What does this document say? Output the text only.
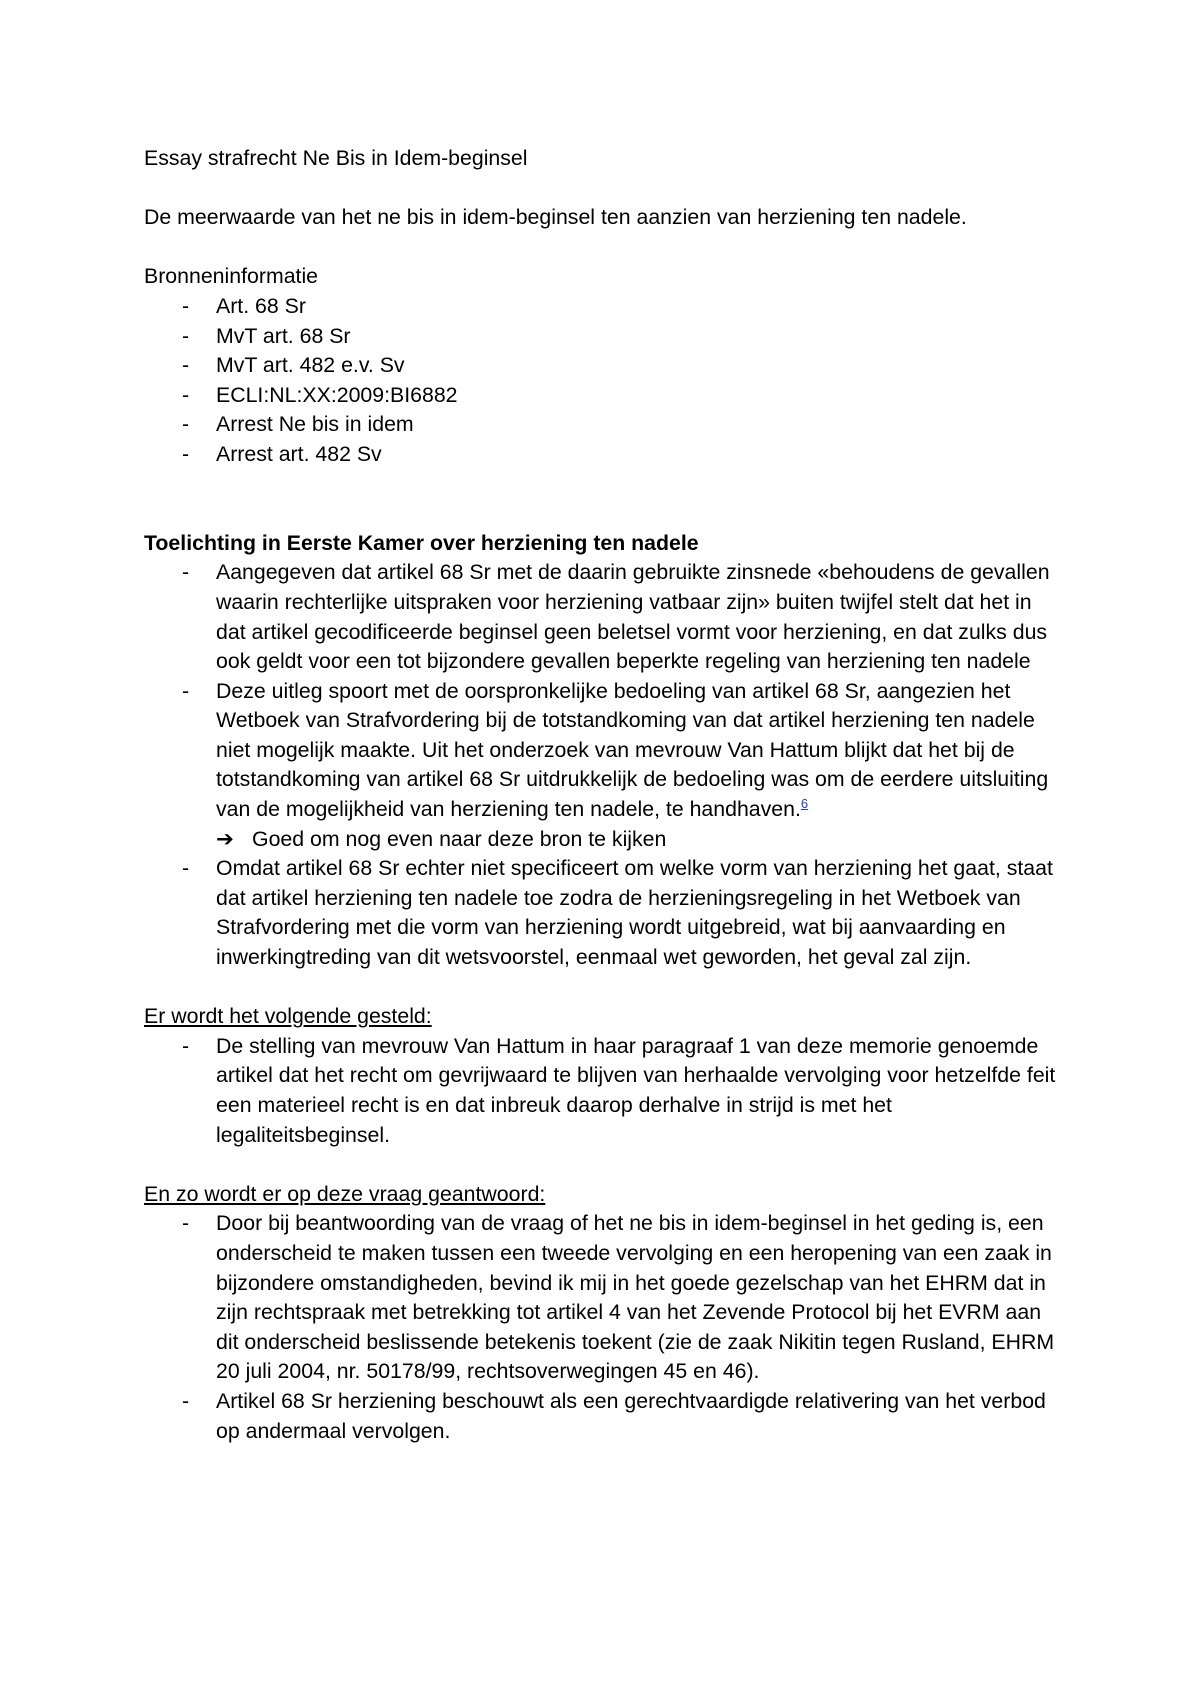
Essay strafrecht Ne Bis in Idem-beginsel

De meerwaarde van het ne bis in idem-beginsel ten aanzien van herziening ten nadele.

Bronneninformatie

- Art. 68 Sr
- MvT art. 68 Sr
- MvT art. 482 e.v. Sv
- ECLI:NL:XX:2009:BI6882
- Arrest Ne bis in idem
- Arrest art. 482 Sv

Toelichting in Eerste Kamer over herziening ten nadele

- Aangegeven dat artikel 68 Sr met de daarin gebruikte zinsnede «behoudens de gevallen waarin rechterlijke uitspraken voor herziening vatbaar zijn» buiten twijfel stelt dat het in dat artikel gecodificeerde beginsel geen beletsel vormt voor herziening, en dat zulks dus ook geldt voor een tot bijzondere gevallen beperkte regeling van herziening ten nadele
- Deze uitleg spoort met de oorspronkelijke bedoeling van artikel 68 Sr, aangezien het Wetboek van Strafvordering bij de totstandkoming van dat artikel herziening ten nadele niet mogelijk maakte. Uit het onderzoek van mevrouw Van Hattum blijkt dat het bij de totstandkoming van artikel 68 Sr uitdrukkelijk de bedoeling was om de eerdere uitsluiting van de mogelijkheid van herziening ten nadele, te handhaven.$^6$
➔ Goed om nog even naar deze bron te kijken
- Omdat artikel 68 Sr echter niet specificeert om welke vorm van herziening het gaat, staat dat artikel herziening ten nadele toe zodra de herzieningsregeling in het Wetboek van Strafvordering met die vorm van herziening wordt uitgebreid, wat bij aanvaarding en inwerkingtreding van dit wetsvoorstel, eenmaal wet geworden, het geval zal zijn.

Er wordt het volgende gesteld:

- De stelling van mevrouw Van Hattum in haar paragraaf 1 van deze memorie genoemde artikel dat het recht om gevrijwaard te blijven van herhaalde vervolging voor hetzelfde feit een materieel recht is en dat inbreuk daarop derhalve in strijd is met het legaliteitsbeginsel.

En zo wordt er op deze vraag geantwoord:

- Door bij beantwoording van de vraag of het ne bis in idem-beginsel in het geding is, een onderscheid te maken tussen een tweede vervolging en een heropening van een zaak in bijzondere omstandigheden, bevind ik mij in het goede gezelschap van het EHRM dat in zijn rechtspraak met betrekking tot artikel 4 van het Zevende Protocol bij het EVRM aan dit onderscheid beslissende betekenis toekent (zie de zaak Nikitin tegen Rusland, EHRM 20 juli 2004, nr. 50178/99, rechtsoverwegingen 45 en 46).
- Artikel 68 Sr herziening beschouwt als een gerechtvaardigde relativering van het verbod op andermaal vervolgen.
